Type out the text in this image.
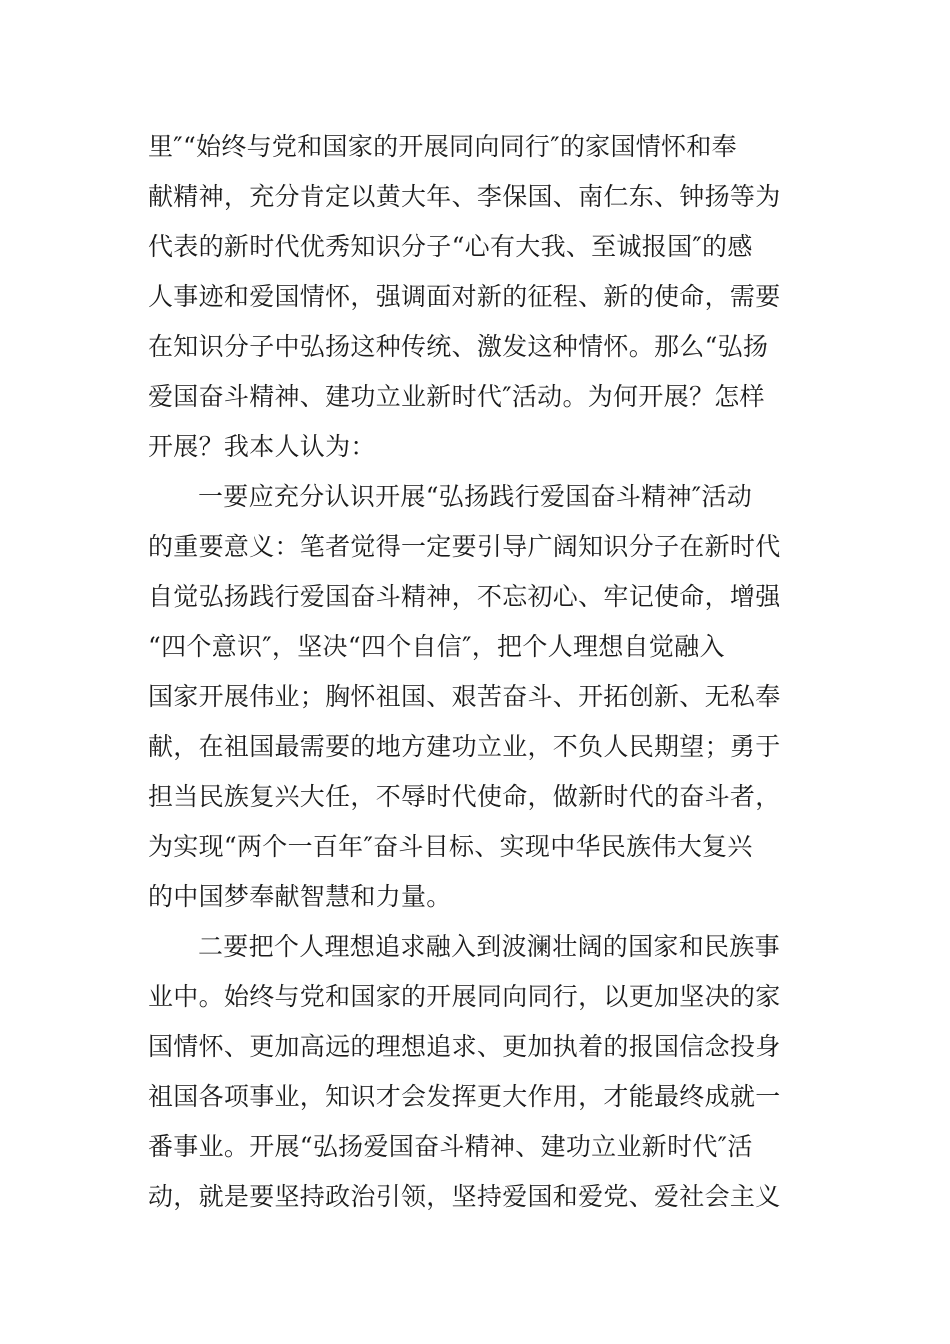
里″“始终与党和国家的开展同向同行″的家国情怀和奉
献精神，充分肯定以黄大年、李保国、南仁东、钟扬等为
代表的新时代优秀知识分子“心有大我、至诚报国″的感
人事迹和爱国情怀，强调面对新的征程、新的使命，需要
在知识分子中弘扬这种传统、激发这种情怀。那么“弘扬
爱国奋斗精神、建功立业新时代″活动。为何开展？怎样
开展？我本人认为：
一要应充分认识开展“弘扬践行爱国奋斗精神″活动
的重要意义：笔者觉得一定要引导广阔知识分子在新时代
自觉弘扬践行爱国奋斗精神，不忘初心、牢记使命，增强
“四个意识″，坚决“四个自信″，把个人理想自觉融入
国家开展伟业；胸怀祖国、艰苦奋斗、开拓创新、无私奉
献，在祖国最需要的地方建功立业，不负人民期望；勇于
担当民族复兴大任，不辱时代使命，做新时代的奋斗者，
为实现“两个一百年″奋斗目标、实现中华民族伟大复兴
的中国梦奉献智慧和力量。
二要把个人理想追求融入到波澜壮阔的国家和民族事
业中。始终与党和国家的开展同向同行，以更加坚决的家
国情怀、更加高远的理想追求、更加执着的报国信念投身
祖国各项事业，知识才会发挥更大作用，才能最终成就一
番事业。开展“弘扬爱国奋斗精神、建功立业新时代″活
动，就是要坚持政治引领，坚持爱国和爱党、爱社会主义
